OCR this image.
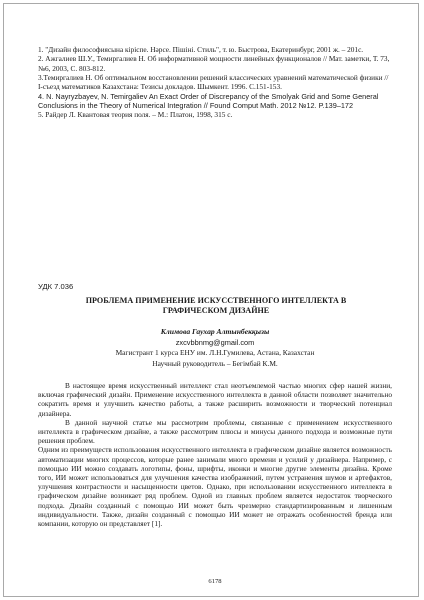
1. "Дизайн философиясына кіріспе. Нәрсе. Пішіні. Стиль", т. ю. Быстрова, Екатеринбург, 2001 ж. – 201с.
2. Ажгалиев Ш.У., Темиргалиев Н. Об информативной мощности линейных функционалов // Мат. заметки, Т. 73, №6, 2003, С. 803-812.
3.Темиргалиев Н. Об оптимальном восстановлении решений классических уравнений математической физики // I-съезд математиков Казахстана: Тезисы докладов. Шымкент. 1996. С.151-153.
4. N. Nayryzbayev, N. Temirgaliev An Exact Order of Discrepancy of the Smolyak Grid and Some General Conclusions in the Theory of Numerical Integration // Found Comput Math. 2012 №12. P.139–172
5. Райдер Л. Квантовая теория поля. – М.: Платон, 1998, 315 с.
УДК 7.036
ПРОБЛЕМА ПРИМЕНЕНИЕ ИСКУССТВЕННОГО ИНТЕЛЛЕКТА В ГРАФИЧЕСКОМ ДИЗАЙНЕ
Климова Гаухар Алтынбекқызы
zxcvbbnmg@gmail.com
Магистрант 1 курса ЕНУ им. Л.Н.Гумилева, Астана, Казахстан
Научный руководитель – Бегімбай К.М.

В настоящее время искусственный интеллект стал неотъемлемой частью многих сфер нашей жизни, включая графический дизайн. Применение искусственного интеллекта в данной области позволяет значительно сократить время и улучшить качество работы, а также расширить возможности и творческий потенциал дизайнера.

В данной научной статье мы рассмотрим проблемы, связанные с применением искусственного интеллекта в графическом дизайне, а также рассмотрим плюсы и минусы данного подхода и возможные пути решения проблем.

Одним из преимуществ использования искусственного интеллекта в графическом дизайне является возможность автоматизации многих процессов, которые ранее занимали много времени и усилий у дизайнера. Например, с помощью ИИ можно создавать логотипы, фоны, шрифты, иконки и многие другие элементы дизайна. Кроме того, ИИ может использоваться для улучшения качества изображений, путем устранения шумов и артефактов, улучшения контрастности и насыщенности цветов. Однако, при использовании искусственного интеллекта в графическом дизайне возникает ряд проблем. Одной из главных проблем является недостаток творческого подхода. Дизайн созданный с помощью ИИ может быть чрезмерно стандартизированным и лишенным индивидуальности. Также, дизайн созданный с помощью ИИ может не отражать особенностей бренда или компании, которую он представляет [1].

6178
